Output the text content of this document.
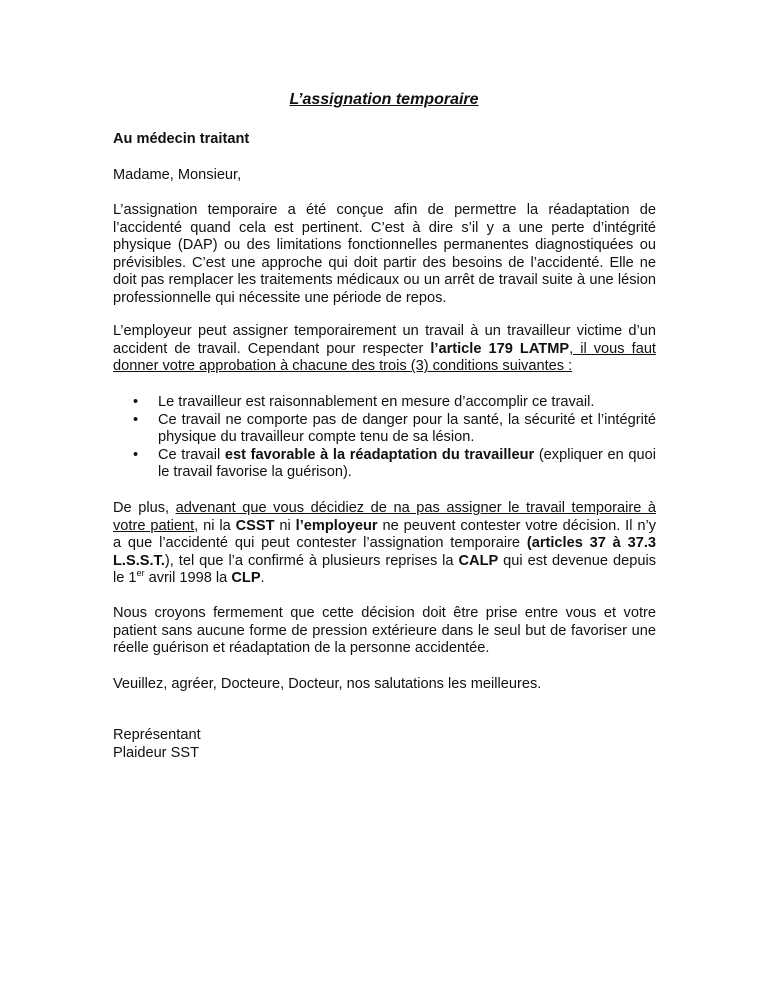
L’assignation temporaire
Au médecin traitant
Madame, Monsieur,
L’assignation temporaire a été conçue afin de permettre la réadaptation de l’accidenté quand cela est pertinent. C’est à dire s’il y a une perte d’intégrité physique (DAP) ou des limitations fonctionnelles permanentes diagnostiquées ou prévisibles. C’est une approche qui doit partir des besoins de l’accidenté. Elle ne doit pas remplacer les traitements médicaux ou un arrêt de travail suite à une lésion professionnelle qui nécessite une période de repos.
L’employeur peut assigner temporairement un travail à un travailleur victime d’un accident de travail. Cependant pour respecter l’article 179 LATMP, il vous faut donner votre approbation à chacune des trois (3) conditions suivantes :
• Le travailleur est raisonnablement en mesure d’accomplir ce travail.
• Ce travail ne comporte pas de danger pour la santé, la sécurité et l’intégrité physique du travailleur compte tenu de sa lésion.
• Ce travail est favorable à la réadaptation du travailleur (expliquer en quoi le travail favorise la guérison).
De plus, advenant que vous décidiez de na pas assigner le travail temporaire à votre patient, ni la CSST ni l’employeur ne peuvent contester votre décision. Il n’y a que l’accidenté qui peut contester l’assignation temporaire (articles 37 à 37.3 L.S.S.T.), tel que l’a confirmé à plusieurs reprises la CALP qui est devenue depuis le 1er avril 1998 la CLP.
Nous croyons fermement que cette décision doit être prise entre vous et votre patient sans aucune forme de pression extérieure dans le seul but de favoriser une réelle guérison et réadaptation de la personne accidentée.
Veuillez, agréer, Docteure, Docteur, nos salutations les meilleures.
Représentant
Plaideur SST
